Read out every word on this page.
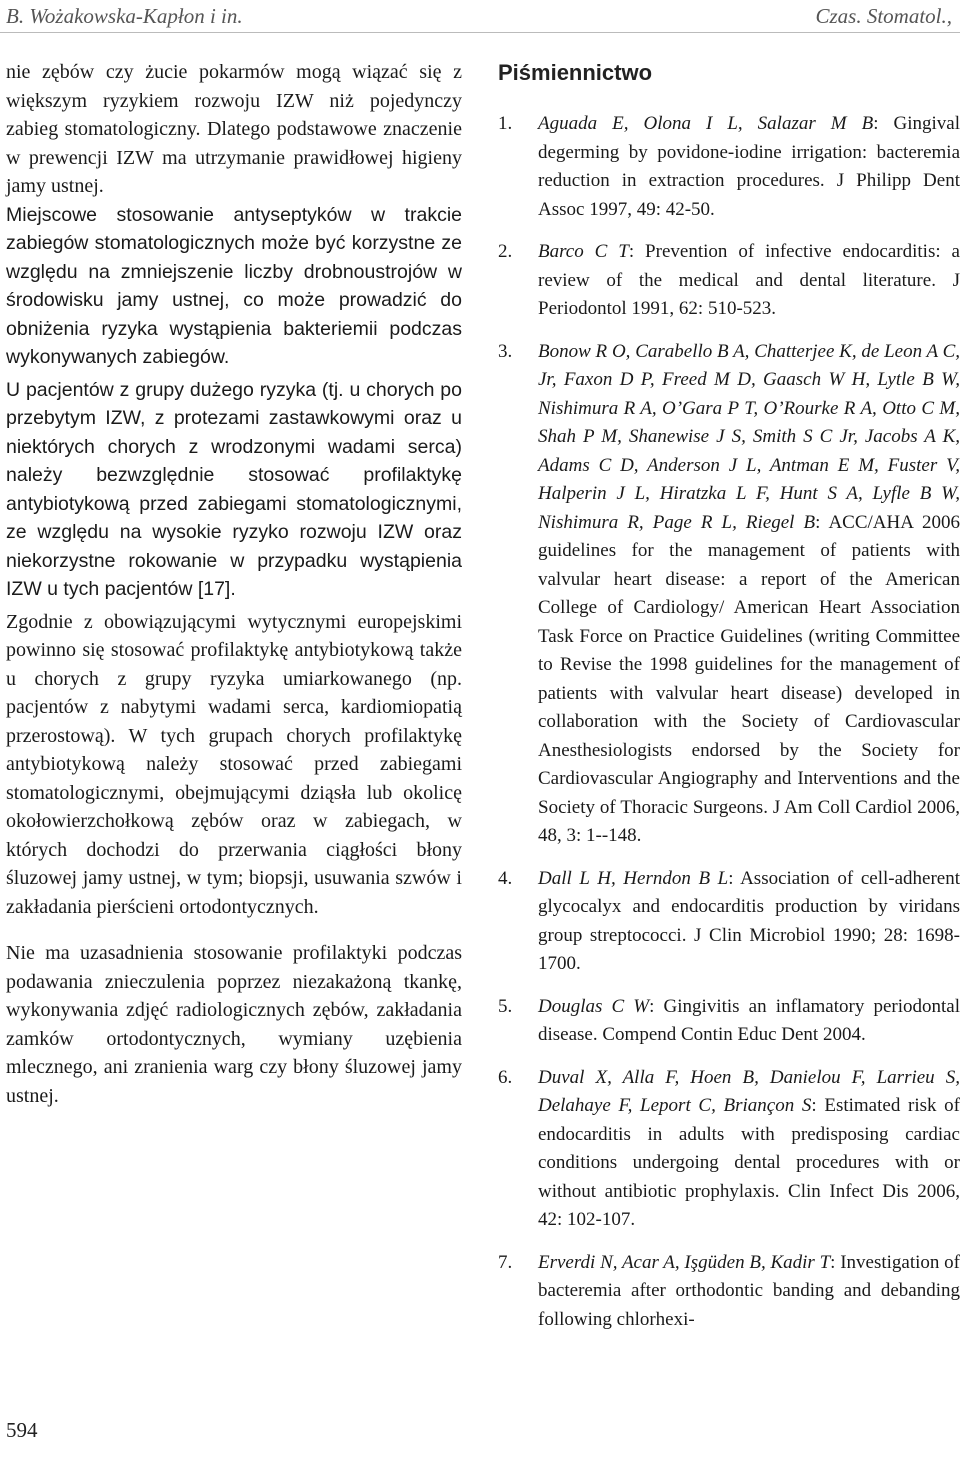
B. Wożakowska-Kapłon i in.	Czas. Stomatol.,

nie zębów czy żucie pokarmów mogą wiązać się z większym ryzykiem rozwoju IZW niż pojedynczy zabieg stomatologiczny. Dlatego podstawowe znaczenie w prewencji IZW ma utrzymanie prawidłowej higieny jamy ustnej.

Miejscowe stosowanie antyseptyków w trakcie zabiegów stomatologicznych może być korzystne ze względu na zmniejszenie liczby drobnoustrojów w środowisku jamy ustnej, co może prowadzić do obniżenia ryzyka wystąpienia bakteriemii podczas wykonywanych zabiegów.

U pacjentów z grupy dużego ryzyka (tj. u chorych po przebytym IZW, z protezami zastawkowymi oraz u niektórych chorych z wrodzonymi wadami serca) należy bezwzględnie stosować profilaktykę antybiotykową przed zabiegami stomatologicznymi, ze względu na wysokie ryzyko rozwoju IZW oraz niekorzystne rokowanie w przypadku wystąpienia IZW u tych pacjentów [17].

Zgodnie z obowiązującymi wytycznymi europejskimi powinno się stosować profilaktykę antybiotykową także u chorych z grupy ryzyka umiarkowanego (np. pacjentów z nabytymi wadami serca, kardiomiopatią przerostową). W tych grupach chorych profilaktykę antybiotykową należy stosować przed zabiegami stomatologicznymi, obejmującymi dziąsła lub okolicę okołowierzchołkową zębów oraz w zabiegach, w których dochodzi do przerwania ciągłości błony śluzowej jamy ustnej, w tym; biopsji, usuwania szwów i zakładania pierścieni ortodontycznych.

Nie ma uzasadnienia stosowanie profilaktyki podczas podawania znieczulenia poprzez niezakażoną tkankę, wykonywania zdjęć radiologicznych zębów, zakładania zamków ortodontycznych, wymiany uzębienia mlecznego, ani zranienia warg czy błony śluzowej jamy ustnej.

Piśmiennictwo
1.	Aguada E, Olona I L, Salazar M B: Gingival degerming by povidone-iodine irrigation: bacteremia reduction in extraction procedures. J Philipp Dent Assoc 1997, 49: 42-50.
2.	Barco C T: Prevention of infective endocarditis: a review of the medical and dental literature. J Periodontol 1991, 62: 510-523.
3.	Bonow R O, Carabello B A, Chatterjee K, de Leon A C, Jr, Faxon D P, Freed M D, Gaasch W H, Lytle B W, Nishimura R A, O’Gara P T, O’Rourke R A, Otto C M, Shah P M, Shanewise J S, Smith S C Jr, Jacobs A K, Adams C D, Anderson J L, Antman E M, Fuster V, Halperin J L, Hiratzka L F, Hunt S A, Lyfle B W, Nishimura R, Page R L, Riegel B: ACC/AHA 2006 guidelines for the management of patients with valvular heart disease: a report of the American College of Cardiology/ American Heart Association Task Force on Practice Guidelines (writing Committee to Revise the 1998 guidelines for the management of patients with valvular heart disease) developed in collaboration with the Society of Cardiovascular Anesthesiologists endorsed by the Society for Cardiovascular Angiography and Interventions and the Society of Thoracic Surgeons. J Am Coll Cardiol 2006, 48, 3: 1--148.
4.	Dall L H, Herndon B L: Association of cell-adherent glycocalyx and endocarditis production by viridans group streptococci. J Clin Microbiol 1990; 28: 1698-1700.
5.	Douglas C W: Gingivitis an inflamatory periodontal disease. Compend Contin Educ Dent 2004.
6.	Duval X, Alla F, Hoen B, Danielou F, Larrieu S, Delahaye F, Leport C, Briançon S: Estimated risk of endocarditis in adults with predisposing cardiac conditions undergoing dental procedures with or without antibiotic prophylaxis. Clin Infect Dis 2006, 42: 102-107.
7.	Erverdi N, Acar A, Işgüden B, Kadir T: Investigation of bacteremia after orthodontic banding and debanding following chlorhexi-
594
